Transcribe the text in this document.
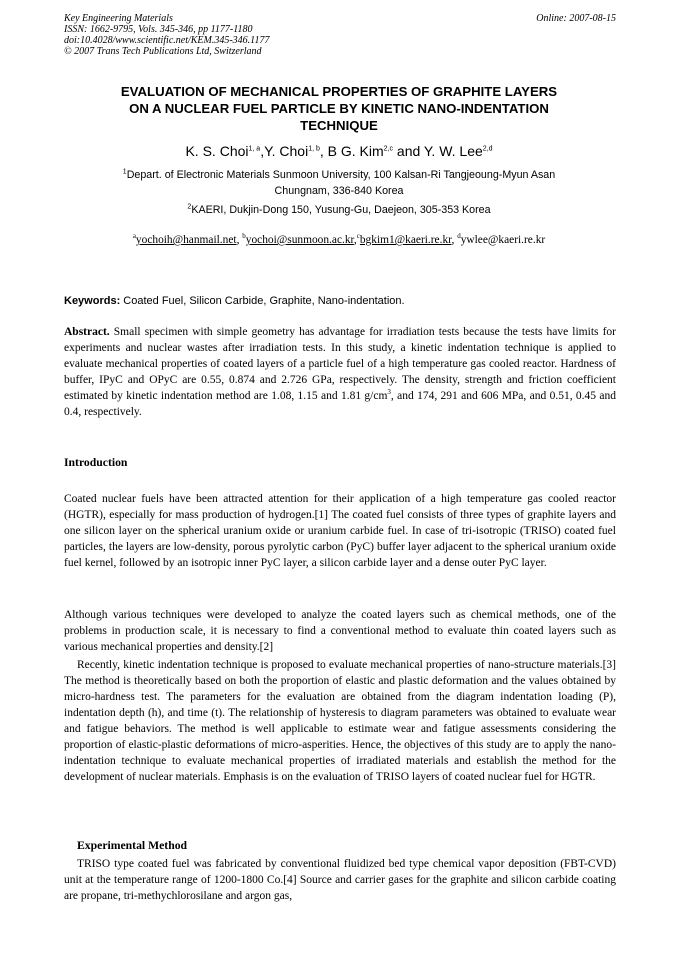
Key Engineering Materials
ISSN: 1662-9795, Vols. 345-346, pp 1177-1180
doi:10.4028/www.scientific.net/KEM.345-346.1177
© 2007 Trans Tech Publications Ltd, Switzerland
Online: 2007-08-15
EVALUATION OF MECHANICAL PROPERTIES OF GRAPHITE LAYERS
ON A NUCLEAR FUEL PARTICLE BY KINETIC NANO-INDENTATION
TECHNIQUE
K. S. Choi$^{1, a}$,Y. Choi$^{1, b}$, B G. Kim$^{2,c}$ and Y. W. Lee$^{2,d}$
$^1$Depart. of Electronic Materials Sunmoon University, 100 Kalsan-Ri Tangjeoung-Myun Asan
Chungnam, 336-840 Korea
$^2$KAERI, Dukjin-Dong 150, Yusung-Gu, Daejeon, 305-353 Korea
$^a$yochoih@hanmail.net, $^b$yochoi@sunmoon.ac.kr,$^c$bgkim1@kaeri.re.kr, $^d$ywlee@kaeri.re.kr
Keywords: Coated Fuel, Silicon Carbide, Graphite, Nano-indentation.
Abstract. Small specimen with simple geometry has advantage for irradiation tests because the tests have limits for experiments and nuclear wastes after irradiation tests. In this study, a kinetic indentation technique is applied to evaluate mechanical properties of coated layers of a particle fuel of a high temperature gas cooled reactor. Hardness of buffer, IPyC and OPyC are 0.55, 0.874 and 2.726 GPa, respectively. The density, strength and friction coefficient estimated by kinetic indentation method are 1.08, 1.15 and 1.81 $g/cm^3$, and 174, 291 and 606 MPa, and 0.51, 0.45 and 0.4, respectively.
Introduction
Coated nuclear fuels have been attracted attention for their application of a high temperature gas cooled reactor (HGTR), especially for mass production of hydrogen.[1] The coated fuel consists of three types of graphite layers and one silicon layer on the spherical uranium oxide or uranium carbide fuel. In case of tri-isotropic (TRISO) coated fuel particles, the layers are low-density, porous pyrolytic carbon (PyC) buffer layer adjacent to the spherical uranium oxide fuel kernel, followed by an isotropic inner PyC layer, a silicon carbide layer and a dense outer PyC layer.
Although various techniques were developed to analyze the coated layers such as chemical methods, one of the problems in production scale, it is necessary to find a conventional method to evaluate thin coated layers such as various mechanical properties and density.[2]
Recently, kinetic indentation technique is proposed to evaluate mechanical properties of nano-structure materials.[3] The method is theoretically based on both the proportion of elastic and plastic deformation and the values obtained by micro-hardness test. The parameters for the evaluation are obtained from the diagram indentation loading (P), indentation depth (h), and time (t). The relationship of hysteresis to diagram parameters was obtained to evaluate wear and fatigue behaviors. The method is well applicable to estimate wear and fatigue assessments considering the proportion of elastic-plastic deformations of micro-asperities. Hence, the objectives of this study are to apply the nano-indentation technique to evaluate mechanical properties of irradiated materials and establish the method for the development of nuclear materials. Emphasis is on the evaluation of TRISO layers of coated nuclear fuel for HGTR.
Experimental Method
TRISO type coated fuel was fabricated by conventional fluidized bed type chemical vapor deposition (FBT-CVD) unit at the temperature range of 1200-1800 Co.[4] Source and carrier gases for the graphite and silicon carbide coating are propane, tri-methychlorosilane and argon gas,
